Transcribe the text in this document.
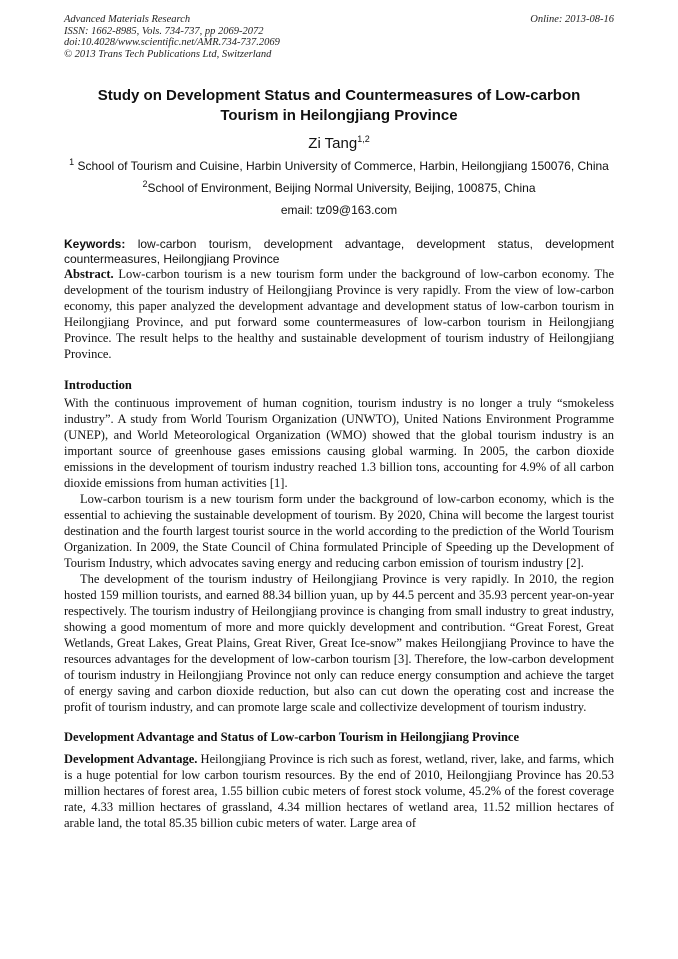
Advanced Materials Research
ISSN: 1662-8985, Vols. 734-737, pp 2069-2072
doi:10.4028/www.scientific.net/AMR.734-737.2069
© 2013 Trans Tech Publications Ltd, Switzerland
Online: 2013-08-16
Study on Development Status and Countermeasures of Low-carbon Tourism in Heilongjiang Province
Zi Tang$^{1,2}$
$^1$ School of Tourism and Cuisine, Harbin University of Commerce, Harbin, Heilongjiang 150076, China
$^2$School of Environment, Beijing Normal University, Beijing, 100875, China
email: tz09@163.com
Keywords: low-carbon tourism, development advantage, development status, development countermeasures, Heilongjiang Province

Abstract. Low-carbon tourism is a new tourism form under the background of low-carbon economy. The development of the tourism industry of Heilongjiang Province is very rapidly. From the view of low-carbon economy, this paper analyzed the development advantage and development status of low-carbon tourism in Heilongjiang Province, and put forward some countermeasures of low-carbon tourism in Heilongjiang Province. The result helps to the healthy and sustainable development of tourism industry of Heilongjiang Province.

Introduction

With the continuous improvement of human cognition, tourism industry is no longer a truly “smokeless industry”. A study from World Tourism Organization (UNWTO), United Nations Environment Programme (UNEP), and World Meteorological Organization (WMO) showed that the global tourism industry is an important source of greenhouse gases emissions causing global warming. In 2005, the carbon dioxide emissions in the development of tourism industry reached 1.3 billion tons, accounting for 4.9% of all carbon dioxide emissions from human activities [1].

Low-carbon tourism is a new tourism form under the background of low-carbon economy, which is the essential to achieving the sustainable development of tourism. By 2020, China will become the largest tourist destination and the fourth largest tourist source in the world according to the prediction of the World Tourism Organization. In 2009, the State Council of China formulated Principle of Speeding up the Development of Tourism Industry, which advocates saving energy and reducing carbon emission of tourism industry [2].

The development of the tourism industry of Heilongjiang Province is very rapidly. In 2010, the region hosted 159 million tourists, and earned 88.34 billion yuan, up by 44.5 percent and 35.93 percent year-on-year respectively. The tourism industry of Heilongjiang province is changing from small industry to great industry, showing a good momentum of more and more quickly development and contribution. “Great Forest, Great Wetlands, Great Lakes, Great Plains, Great River, Great Ice-snow” makes Heilongjiang Province to have the resources advantages for the development of low-carbon tourism [3]. Therefore, the low-carbon development of tourism industry in Heilongjiang Province not only can reduce energy consumption and achieve the target of energy saving and carbon dioxide reduction, but also can cut down the operating cost and increase the profit of tourism industry, and can promote large scale and collectivize development of tourism industry.

Development Advantage and Status of Low-carbon Tourism in Heilongjiang Province

Development Advantage. Heilongjiang Province is rich such as forest, wetland, river, lake, and farms, which is a huge potential for low carbon tourism resources. By the end of 2010, Heilongjiang Province has 20.53 million hectares of forest area, 1.55 billion cubic meters of forest stock volume, 45.2% of the forest coverage rate, 4.33 million hectares of grassland, 4.34 million hectares of wetland area, 11.52 million hectares of arable land, the total 85.35 billion cubic meters of water. Large area of
